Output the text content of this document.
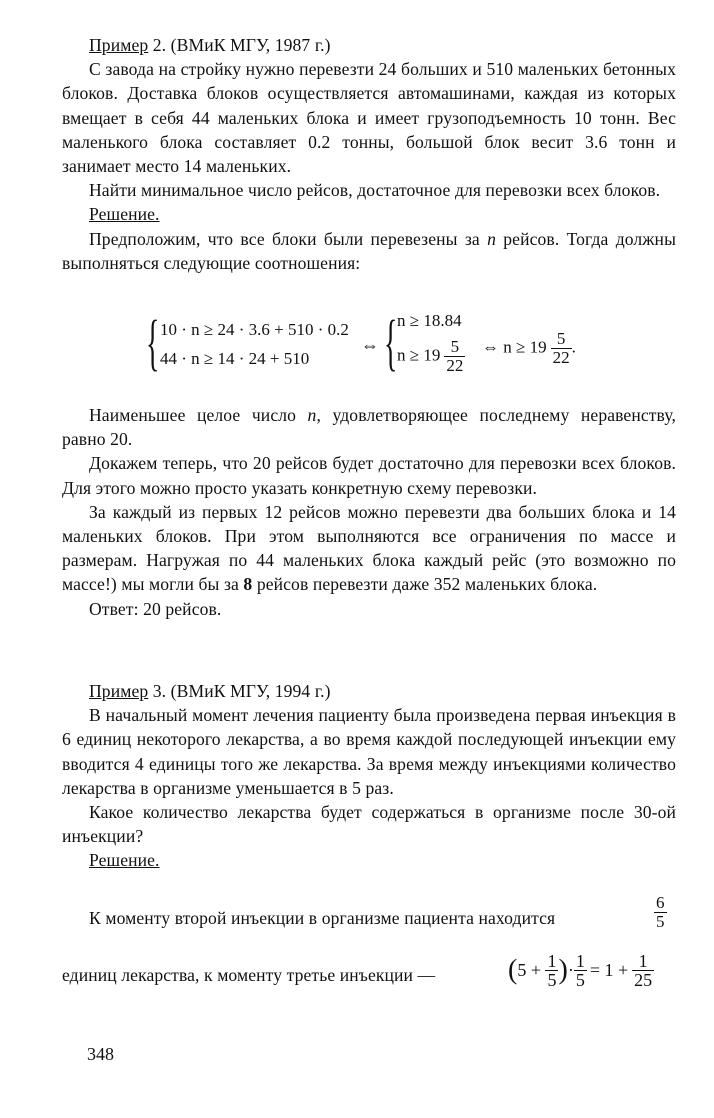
Пример 2. (ВМиК МГУ, 1987 г.)

С завода на стройку нужно перевезти 24 больших и 510 маленьких бетонных блоков. Доставка блоков осуществляется автомашинами, каждая из которых вмещает в себя 44 маленьких блока и имеет грузоподъемность 10 тонн. Вес маленького блока составляет 0.2 тонны, большой блок весит 3.6 тонн и занимает место 14 маленьких.

Найти минимальное число рейсов, достаточное для перевозки всех блоков.

Решение.

Предположим, что все блоки были перевезены за n рейсов. Тогда должны выполняться следующие соотношения:

{ 10 · n ≥ 24 · 3.6 + 510 · 0.2
44 · n ≥ 14 · 24 + 510
⇔ { n ≥ 18.84
$n \ge 19 \frac{5}{22}$ ⇔ $n \ge 19 \frac{5}{22}$ .

Наименьшее целое число n, удовлетворяющее последнему неравенству, равно 20.

Докажем теперь, что 20 рейсов будет достаточно для перевозки всех блоков. Для этого можно просто указать конкретную схему перевозки.

За каждый из первых 12 рейсов можно перевезти два больших блока и 14 маленьких блоков. При этом выполняются все ограничения по массе и размерам. Нагружая по 44 маленьких блока каждый рейс (это возможно по массе!) мы могли бы за 8 рейсов перевезти даже 352 маленьких блока.

Ответ: 20 рейсов.

Пример 3. (ВМиК МГУ, 1994 г.)

В начальный момент лечения пациенту была произведена первая инъекция в 6 единиц некоторого лекарства, а во время каждой последующей инъекции ему вводится 4 единицы того же лекарства. За время между инъекциями количество лекарства в организме уменьшается в 5 раз.

Какое количество лекарства будет содержаться в организме после 30-ой инъекции?

Решение.

К моменту второй инъекции в организме пациента находится	$\frac{6}{5}$
единиц лекарства, к моменту третье инъекции —	($5 + \frac{1}{5}$ )· $\frac{1}{5} = 1 + \frac{1}{25}$
348
